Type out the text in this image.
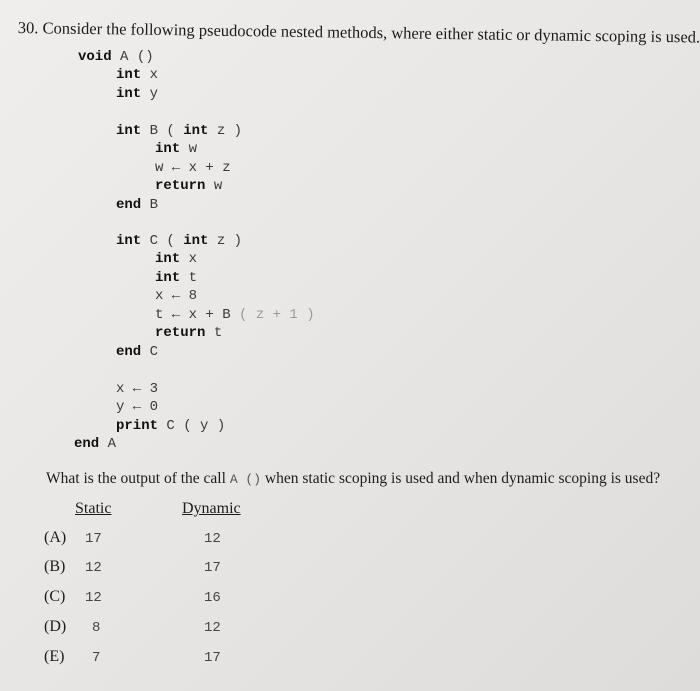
30. Consider the following pseudocode nested methods, where either static or dynamic scoping is used.

void A ()

int x

int y

int B ( int z )

int w

w ← x + z

return w

end B

int C ( int z )

int x

int t

x ← 8

t ← x + B ( z + 1 )

return t

end C

x ← 3

y ← 0

print C ( y )

end A

What is the output of the call A () when static scoping is used and when dynamic scoping is used?
Static	Dynamic
(A) 17	12
(B) 12	17
(C) 12	16
(D) 8	12
(E) 7	17
